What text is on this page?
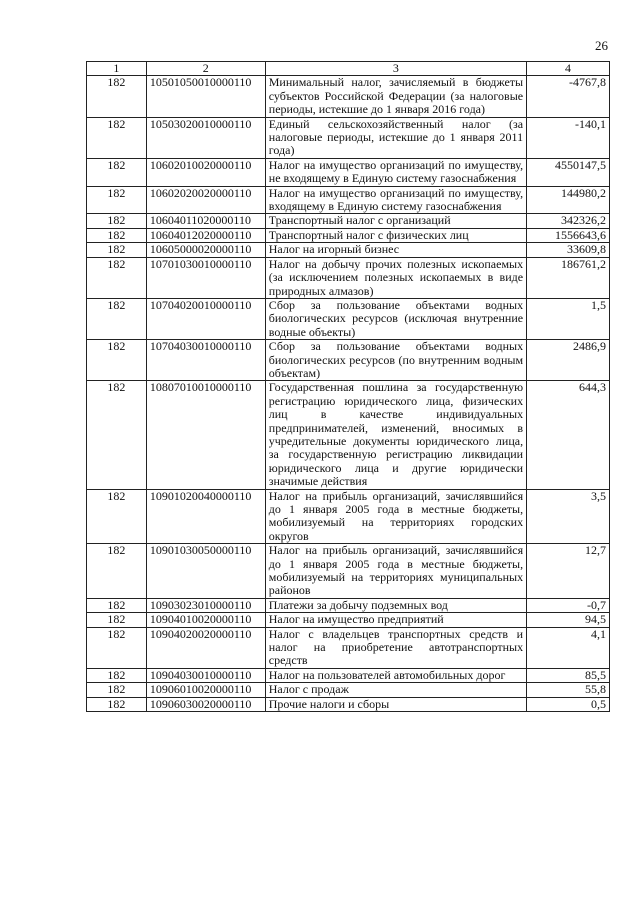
26
1	2	3	4
182	10501050010000110	Минимальный налог, зачисляемый в бюджеты субъектов Российской Федерации (за налоговые периоды, истекшие до 1 января 2016 года)	-4767,8
182	10503020010000110	Единый сельскохозяйственный налог (за налоговые периоды, истекшие до 1 января 2011 года)	-140,1
182	10602010020000110	Налог на имущество организаций по имуществу, не входящему в Единую систему газоснабжения	4550147,5
182	10602020020000110	Налог на имущество организаций по имуществу, входящему в Единую систему газоснабжения	144980,2
182	10604011020000110	Транспортный налог с организаций	342326,2
182	10604012020000110	Транспортный налог с физических лиц	1556643,6
182	10605000020000110	Налог на игорный бизнес	33609,8
182	10701030010000110	Налог на добычу прочих полезных ископаемых (за исключением полезных ископаемых в виде природных алмазов)	186761,2
182	10704020010000110	Сбор за пользование объектами водных биологических ресурсов (исключая внутренние водные объекты)	1,5
182	10704030010000110	Сбор за пользование объектами водных биологических ресурсов (по внутренним водным объектам)	2486,9
182	10807010010000110	Государственная пошлина за государственную регистрацию юридического лица, физических лиц в качестве индивидуальных предпринимателей, изменений, вносимых в учредительные документы юридического лица, за государственную регистрацию ликвидации юридического лица и другие юридически значимые действия	644,3
182	10901020040000110	Налог на прибыль организаций, зачислявшийся до 1 января 2005 года в местные бюджеты, мобилизуемый на территориях городских округов	3,5
182	10901030050000110	Налог на прибыль организаций, зачислявшийся до 1 января 2005 года в местные бюджеты, мобилизуемый на территориях муниципальных районов	12,7
182	10903023010000110	Платежи за добычу подземных вод	-0,7
182	10904010020000110	Налог на имущество предприятий	94,5
182	10904020020000110	Налог с владельцев транспортных средств и налог на приобретение автотранспортных средств	4,1
182	10904030010000110	Налог на пользователей автомобильных дорог	85,5
182	10906010020000110	Налог с продаж	55,8
182	10906030020000110	Прочие налоги и сборы	0,5
